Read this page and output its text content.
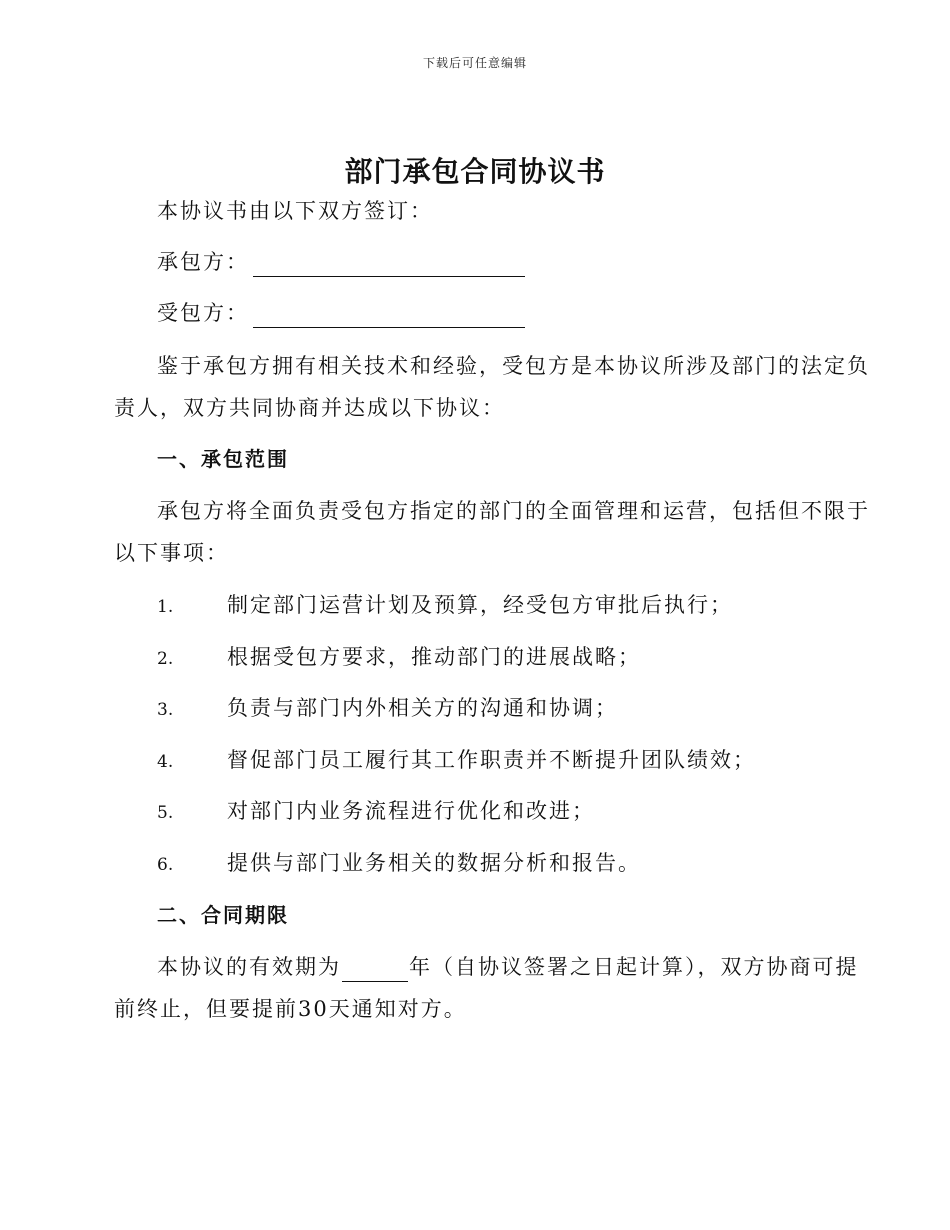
下载后可任意编辑
部门承包合同协议书
本协议书由以下双方签订：
承包方：
受包方：
鉴于承包方拥有相关技术和经验，受包方是本协议所涉及部门的法定负
责人，双方共同协商并达成以下协议：
一、承包范围
承包方将全面负责受包方指定的部门的全面管理和运营，包括但不限于
以下事项：
1.	制定部门运营计划及预算，经受包方审批后执行；
2.	根据受包方要求，推动部门的进展战略；
3.	负责与部门内外相关方的沟通和协调；
4.	督促部门员工履行其工作职责并不断提升团队绩效；
5.	对部门内业务流程进行优化和改进；
6.	提供与部门业务相关的数据分析和报告。
二、合同期限
本协议的有效期为	年（自协议签署之日起计算），双方协商可提
前终止，但要提前30天通知对方。
